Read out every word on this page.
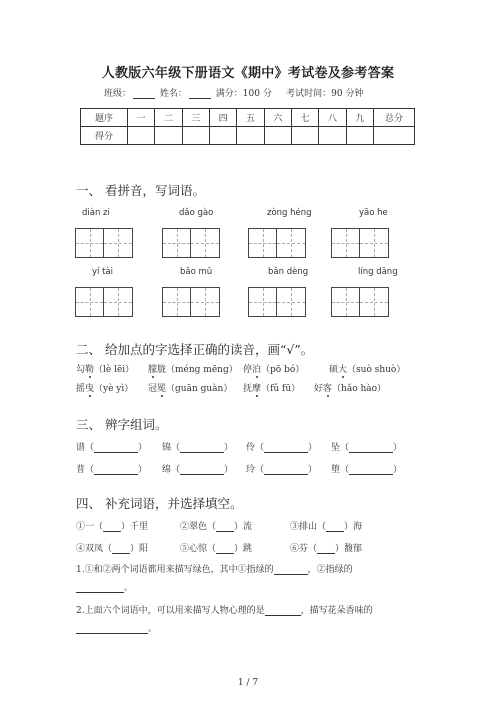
人教版六年级下册语文《期中》考试卷及参考答案
班级：	姓名：	满分：100 分 考试时间：90 分钟
题序	一	二	三	四	五	六	七	八	九	总分
得分										
一、 看拼音，写词语。
diàn zi	dǎo gào	zòng héng	yāo he
yí tài	bǎo mǔ	bǎn dèng	líng dāng
二、 给加点的字选择正确的读音，画“√”。
勾勒（lè lēi） 朦胧（méng mēng） 停泊（pō bó）	硕大（suò shuò）
摇曳（yè yì） 冠冕（guān guàn） 抚摩（fǔ fū） 好客（hǎo hào）
三、 辨字组词。
谱（	） 锦（	） 伶（	） 坠（	）
普（	） 绵（	） 玲（	） 堕（	）
四、 补充词语，并选择填空。
①一（ ）千里	②翠色（ ）流	③排山（ ）海
④双凤（ ）阳	⑤心惊（ ）跳	⑥芬（ ）馥郁
1.①和②两个词语都用来描写绿色，其中①指绿的	，②指绿的
。
2.上面六个词语中，可以用来描写人物心理的是	，描写花朵香味的
。
1 / 7
